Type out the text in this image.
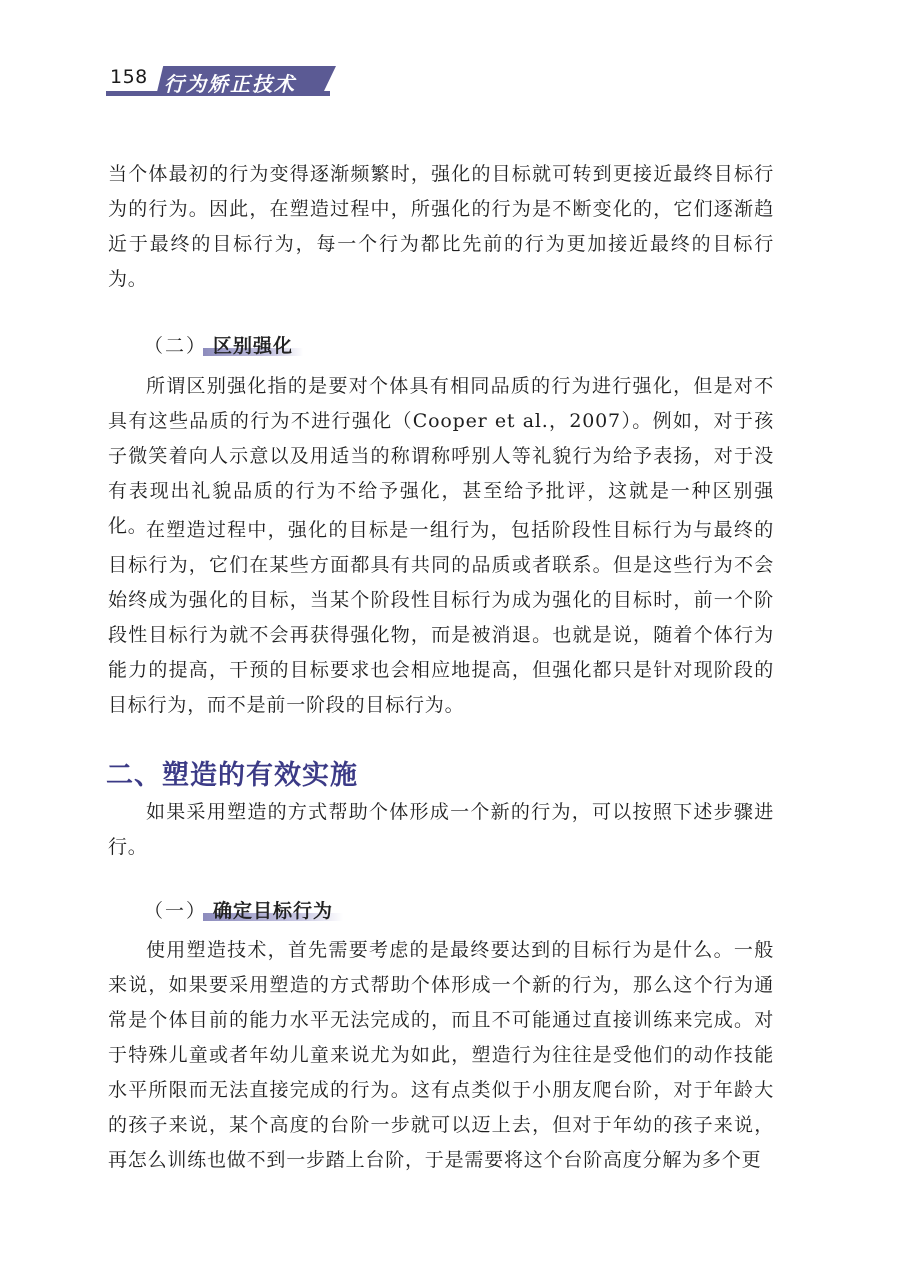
158 行为矫正技术

当个体最初的行为变得逐渐频繁时，强化的目标就可转到更接近最终目标行为的行为。因此，在塑造过程中，所强化的行为是不断变化的，它们逐渐趋近于最终的目标行为，每一个行为都比先前的行为更加接近最终的目标行为。

（二） 区别强化

所谓区别强化指的是要对个体具有相同品质的行为进行强化，但是对不具有这些品质的行为不进行强化（Cooper et al.，2007）。例如，对于孩子微笑着向人示意以及用适当的称谓称呼别人等礼貌行为给予表扬，对于没有表现出礼貌品质的行为不给予强化，甚至给予批评，这就是一种区别强化。

在塑造过程中，强化的目标是一组行为，包括阶段性目标行为与最终的目标行为，它们在某些方面都具有共同的品质或者联系。但是这些行为不会始终成为强化的目标，当某个阶段性目标行为成为强化的目标时，前一个阶段性目标行为就不会再获得强化物，而是被消退。也就是说，随着个体行为能力的提高，干预的目标要求也会相应地提高，但强化都只是针对现阶段的目标行为，而不是前一阶段的目标行为。

二、塑造的有效实施

如果采用塑造的方式帮助个体形成一个新的行为，可以按照下述步骤进行。

（一） 确定目标行为

使用塑造技术，首先需要考虑的是最终要达到的目标行为是什么。一般来说，如果要采用塑造的方式帮助个体形成一个新的行为，那么这个行为通常是个体目前的能力水平无法完成的，而且不可能通过直接训练来完成。对于特殊儿童或者年幼儿童来说尤为如此，塑造行为往往是受他们的动作技能水平所限而无法直接完成的行为。这有点类似于小朋友爬台阶，对于年龄大的孩子来说，某个高度的台阶一步就可以迈上去，但对于年幼的孩子来说，再怎么训练也做不到一步踏上台阶，于是需要将这个台阶高度分解为多个更
